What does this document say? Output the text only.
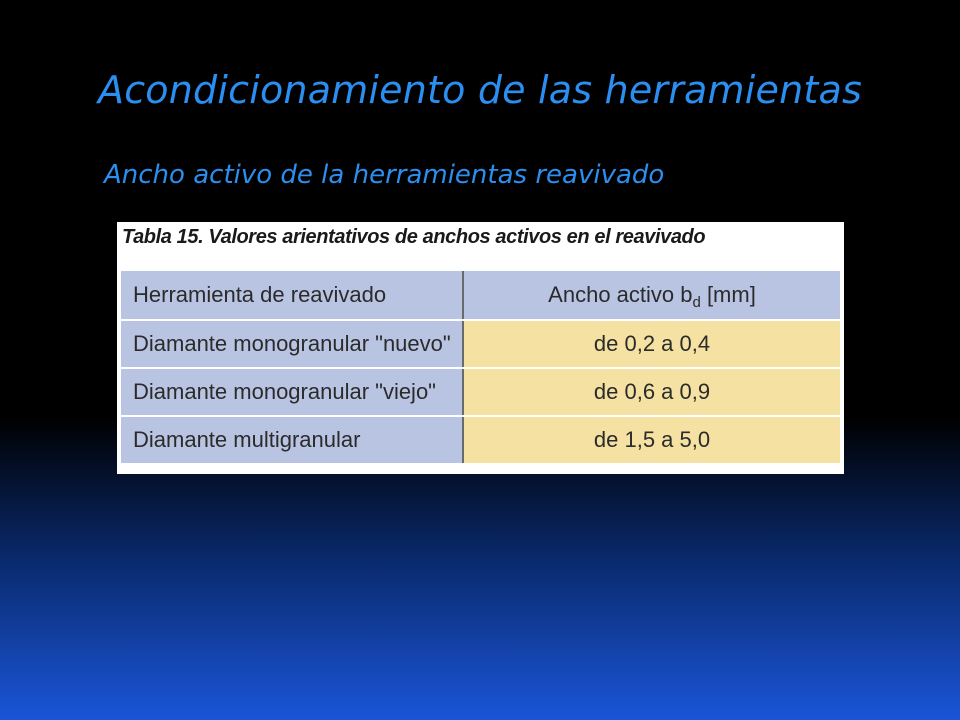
Acondicionamiento de las herramientas
Ancho activo de la herramientas reavivado
Tabla 15. Valores arientativos de anchos activos en el reavivado
Herramienta de reavivado	Ancho activo $b_d$ [mm]
Diamante monogranular "nuevo"	de 0,2 a 0,4
Diamante monogranular "viejo"	de 0,6 a 0,9
Diamante multigranular	de 1,5 a 5,0
